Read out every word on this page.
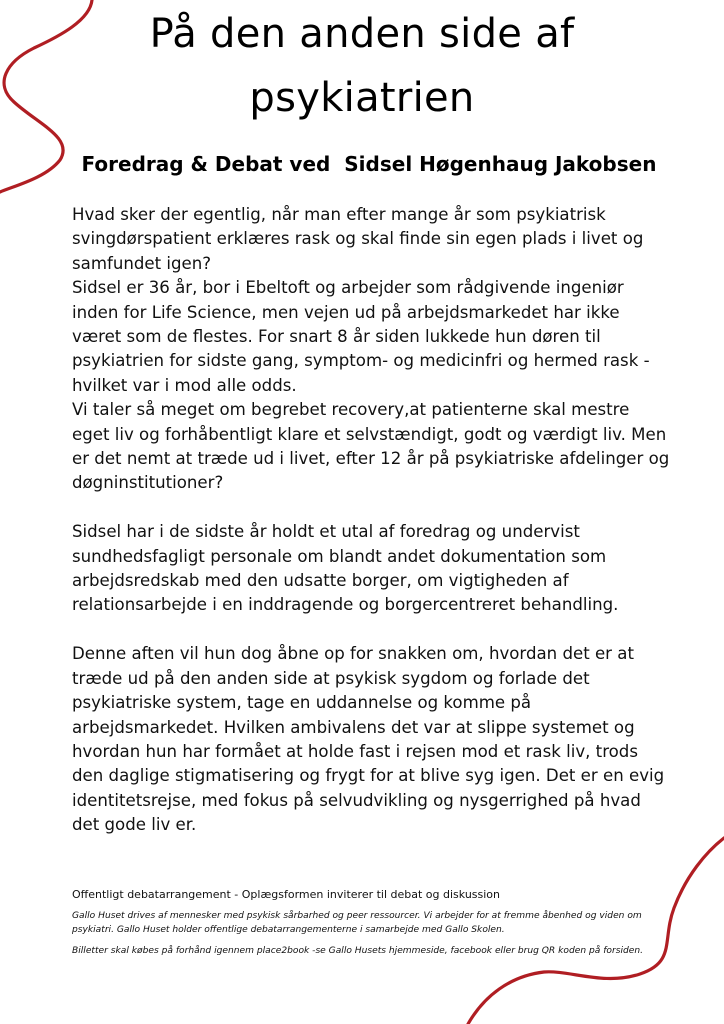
På den anden side af
psykiatrien
Foredrag & Debat ved  Sidsel Høgenhaug Jakobsen

Hvad sker der egentlig, når man efter mange år som psykiatrisk svingdørspatient erklæres rask og skal finde sin egen plads i livet og samfundet igen?

Sidsel er 36 år, bor i Ebeltoft og arbejder som rådgivende ingeniør inden for Life Science, men vejen ud på arbejdsmarkedet har ikke været som de flestes. For snart 8 år siden lukkede hun døren til psykiatrien for sidste gang, symptom- og medicinfri og hermed rask - hvilket var i mod alle odds.

Vi taler så meget om begrebet recovery,at patienterne skal mestre eget liv og forhåbentligt klare et selvstændigt, godt og værdigt liv. Men er det nemt at træde ud i livet, efter 12 år på psykiatriske afdelinger og døgninstitutioner?

Sidsel har i de sidste år holdt et utal af foredrag og undervist sundhedsfagligt personale om blandt andet dokumentation som arbejdsredskab med den udsatte borger, om vigtigheden af relationsarbejde i en inddragende og borgercentreret behandling.

Denne aften vil hun dog åbne op for snakken om, hvordan det er at træde ud på den anden side at psykisk sygdom og forlade det psykiatriske system, tage en uddannelse og komme på arbejdsmarkedet. Hvilken ambivalens det var at slippe systemet og hvordan hun har formået at holde fast i rejsen mod et rask liv, trods den daglige stigmatisering og frygt for at blive syg igen. Det er en evig identitetsrejse, med fokus på selvudvikling og nysgerrighed på hvad det gode liv er.

Offentligt debatarrangement - Oplægsformen inviterer til debat og diskussion

Gallo Huset drives af mennesker med psykisk sårbarhed og peer ressourcer. Vi arbejder for at fremme åbenhed og viden om psykiatri. Gallo Huset holder offentlige debatarrangementerne i samarbejde med Gallo Skolen.

Billetter skal købes på forhånd igennem place2book -se Gallo Husets hjemmeside, facebook eller brug QR koden på forsiden.
